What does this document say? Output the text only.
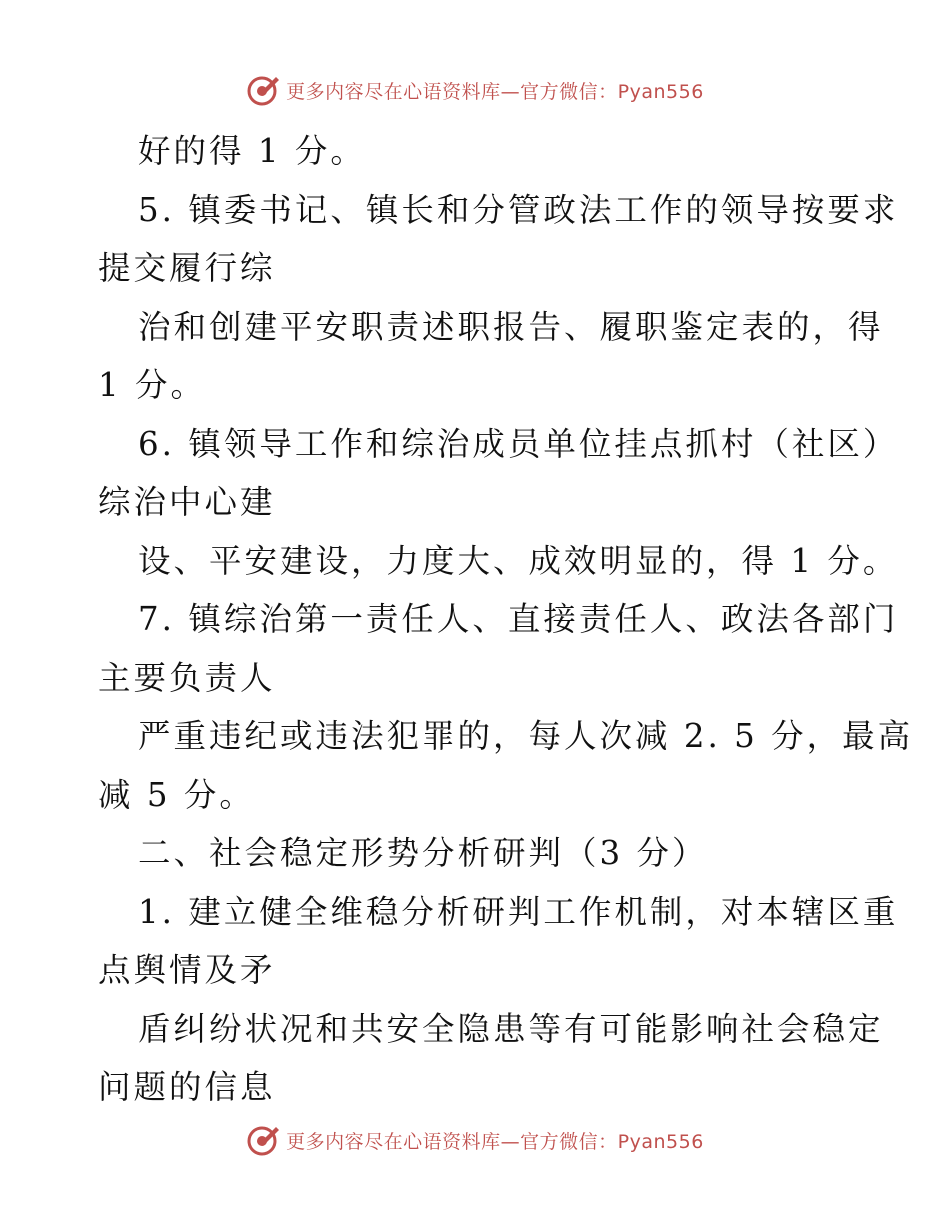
更多内容尽在心语资料库—官方微信：Pyan556

好的得 1 分。

5. 镇委书记、镇长和分管政法工作的领导按要求

提交履行综

治和创建平安职责述职报告、履职鉴定表的，得

1 分。

6. 镇领导工作和综治成员单位挂点抓村（社区）

综治中心建

设、平安建设，力度大、成效明显的，得 1 分。

7. 镇综治第一责任人、直接责任人、政法各部门

主要负责人

严重违纪或违法犯罪的，每人次减 2. 5 分，最高

减 5 分。

二、社会稳定形势分析研判（3 分）

1. 建立健全维稳分析研判工作机制，对本辖区重

点舆情及矛

盾纠纷状况和共安全隐患等有可能影响社会稳定

问题的信息

更多内容尽在心语资料库—官方微信：Pyan556
